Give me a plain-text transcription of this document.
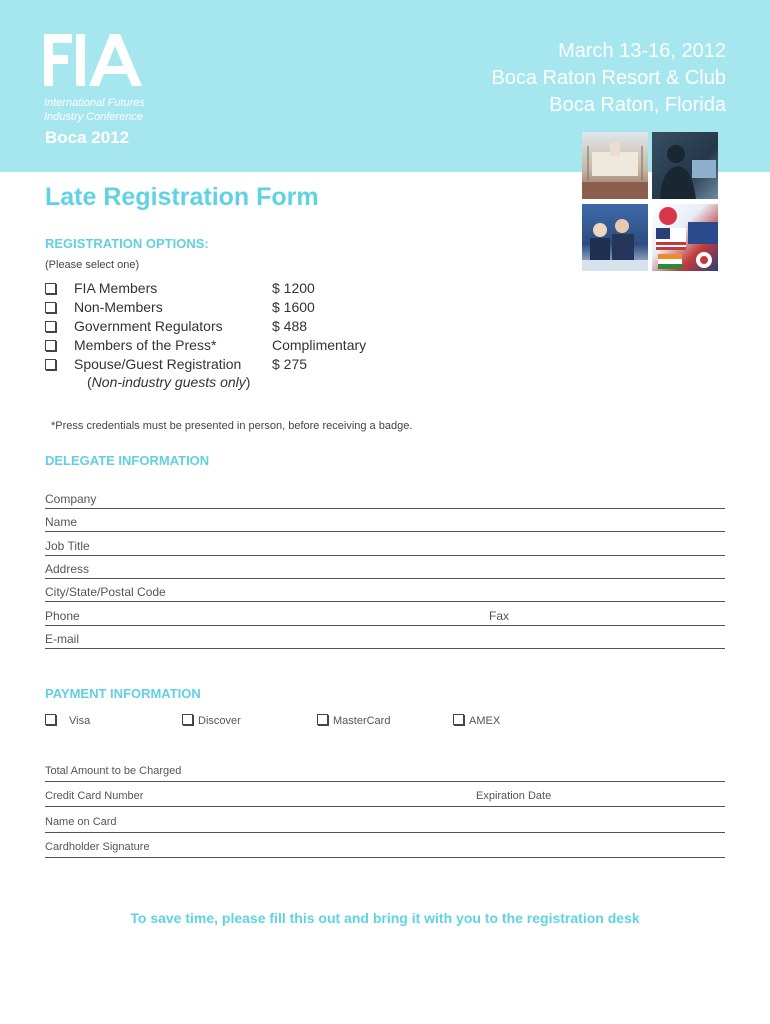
International Futures
Industry Conference
Boca 2012
March 13-16, 2012
Boca Raton Resort & Club
Boca Raton, Florida
Late Registration Form
REGISTRATION OPTIONS:
(Please select one)
FIA Members	$ 1200
Non-Members	$ 1600
Government Regulators	$ 488
Members of the Press*	Complimentary
Spouse/Guest Registration $ 275
(Non-industry guests only)
*Press credentials must be presented in person, before receiving a badge.
DELEGATE INFORMATION
Company
Name
Job Title
Address
City/State/Postal Code
Phone	Fax
E-mail
PAYMENT INFORMATION
Visa	Discover	MasterCard	AMEX
Total Amount to be Charged
Credit Card Number	Expiration Date
Name on Card
Cardholder Signature
To save time, please fill this out and bring it with you to the registration desk
